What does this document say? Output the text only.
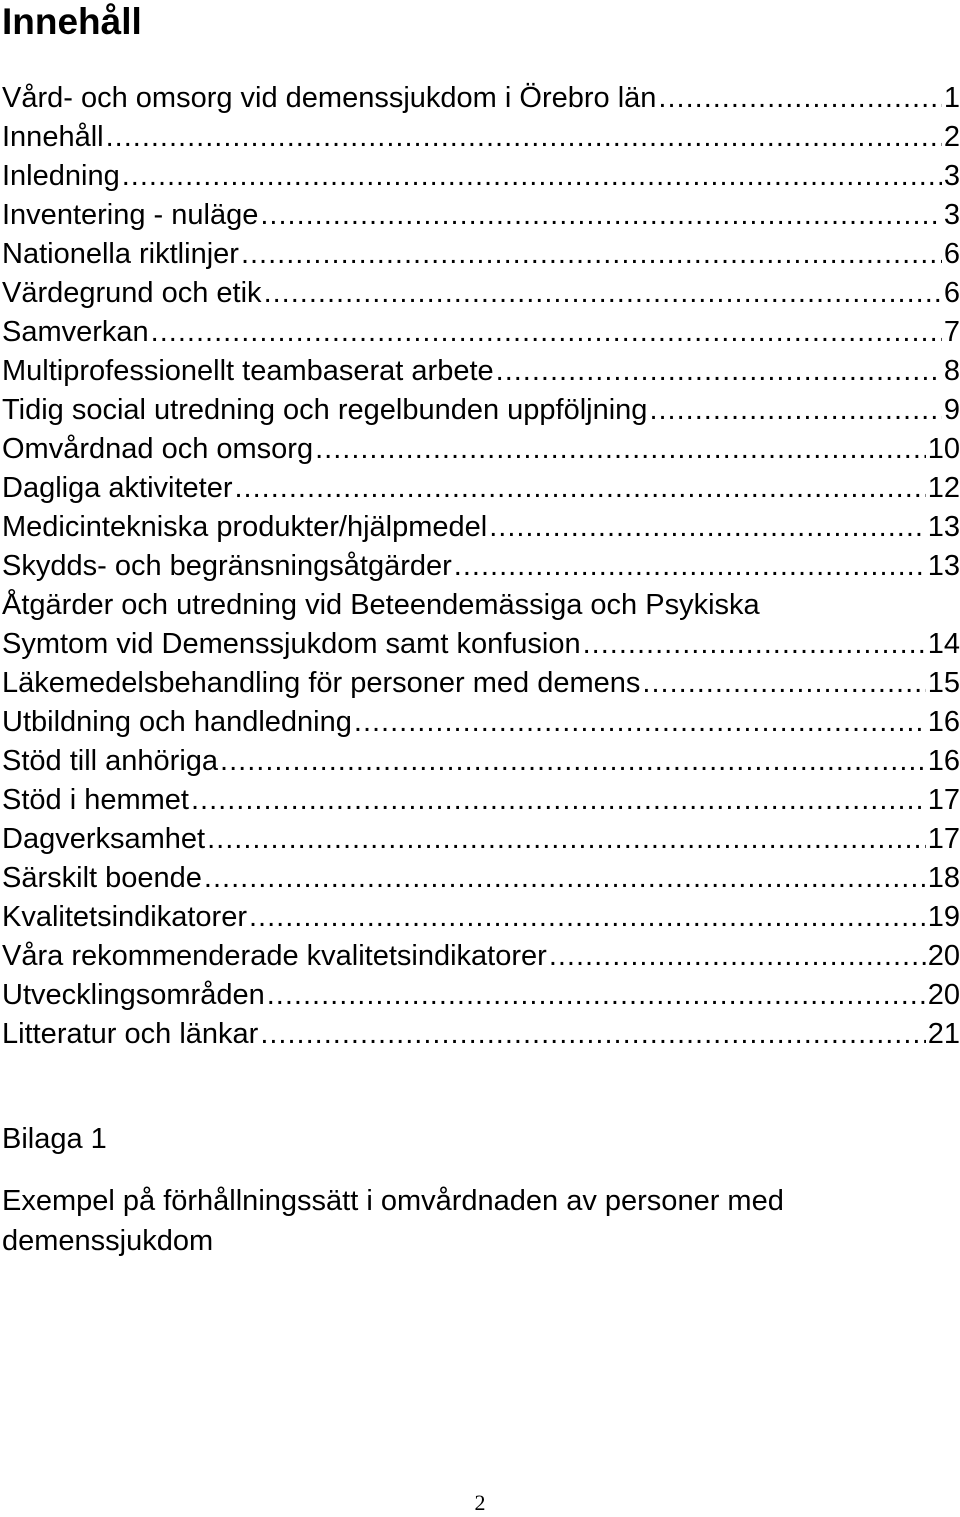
Innehåll
Vård- och omsorg vid demenssjukdom i Örebro län .....	1
Innehåll .....	2
Inledning .....	3
Inventering - nuläge .....	3
Nationella riktlinjer .....	6
Värdegrund och etik .....	6
Samverkan .....	7
Multiprofessionellt teambaserat arbete .....	8
Tidig social utredning och regelbunden uppföljning .....	9
Omvårdnad och omsorg .....	10
Dagliga aktiviteter .....	12
Medicintekniska produkter/hjälpmedel .....	13
Skydds- och begränsningsåtgärder .....	13
Åtgärder och utredning vid Beteendemässiga och Psykiska
Symtom vid Demenssjukdom samt konfusion .....	14
Läkemedelsbehandling för personer med demens .....	15
Utbildning och handledning .....	16
Stöd till anhöriga .....	16
Stöd i hemmet .....	17
Dagverksamhet .....	17
Särskilt boende .....	18
Kvalitetsindikatorer .....	19
Våra rekommenderade kvalitetsindikatorer .....	20
Utvecklingsområden .....	20
Litteratur och länkar .....	21

Bilaga 1

Exempel på förhållningssätt i omvårdnaden av personer med demenssjukdom

2
